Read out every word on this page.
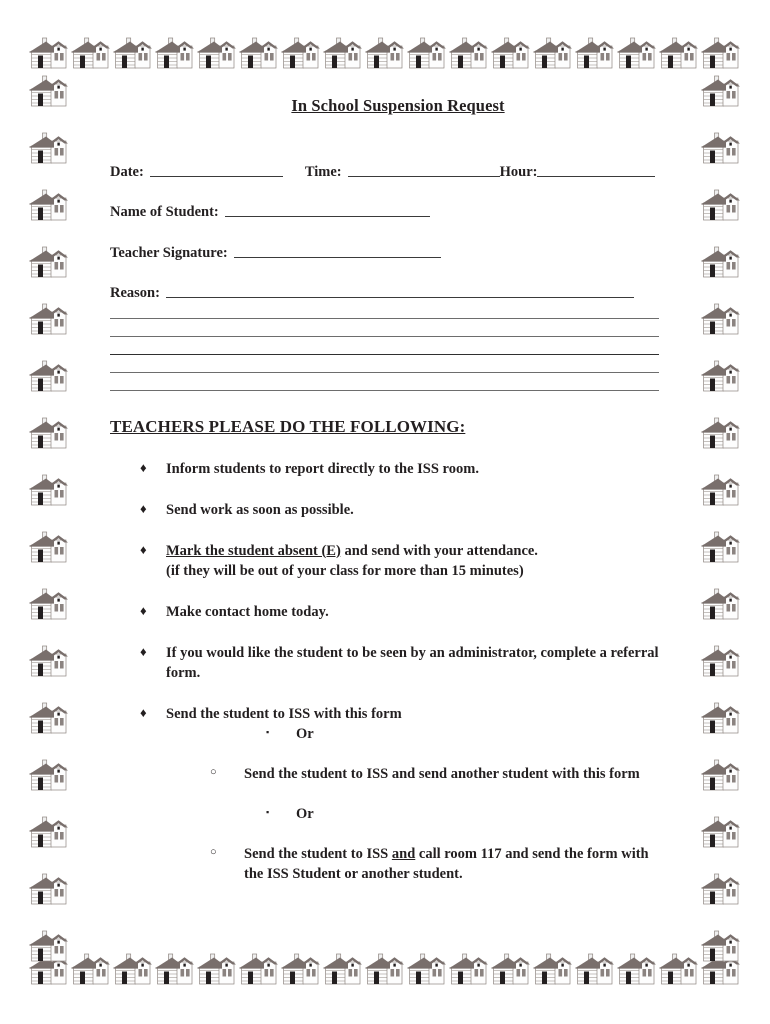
In School Suspension Request
Date:	Time:	Hour:
Name of Student:
Teacher Signature:
Reason:
TEACHERS PLEASE DO THE FOLLOWING:
♦ Inform students to report directly to the ISS room.
♦ Send work as soon as possible.
♦ Mark the student absent (E) and send with your attendance.
(if they will be out of your class for more than 15 minutes)
♦ Make contact home today.
♦ If you would like the student to be seen by an administrator, complete a referral form.
♦ Send the student to ISS with this form
▪ Or
○ Send the student to ISS and send another student with this form
▪ Or
○ Send the student to ISS and call room 117 and send the form with the ISS Student or another student.
